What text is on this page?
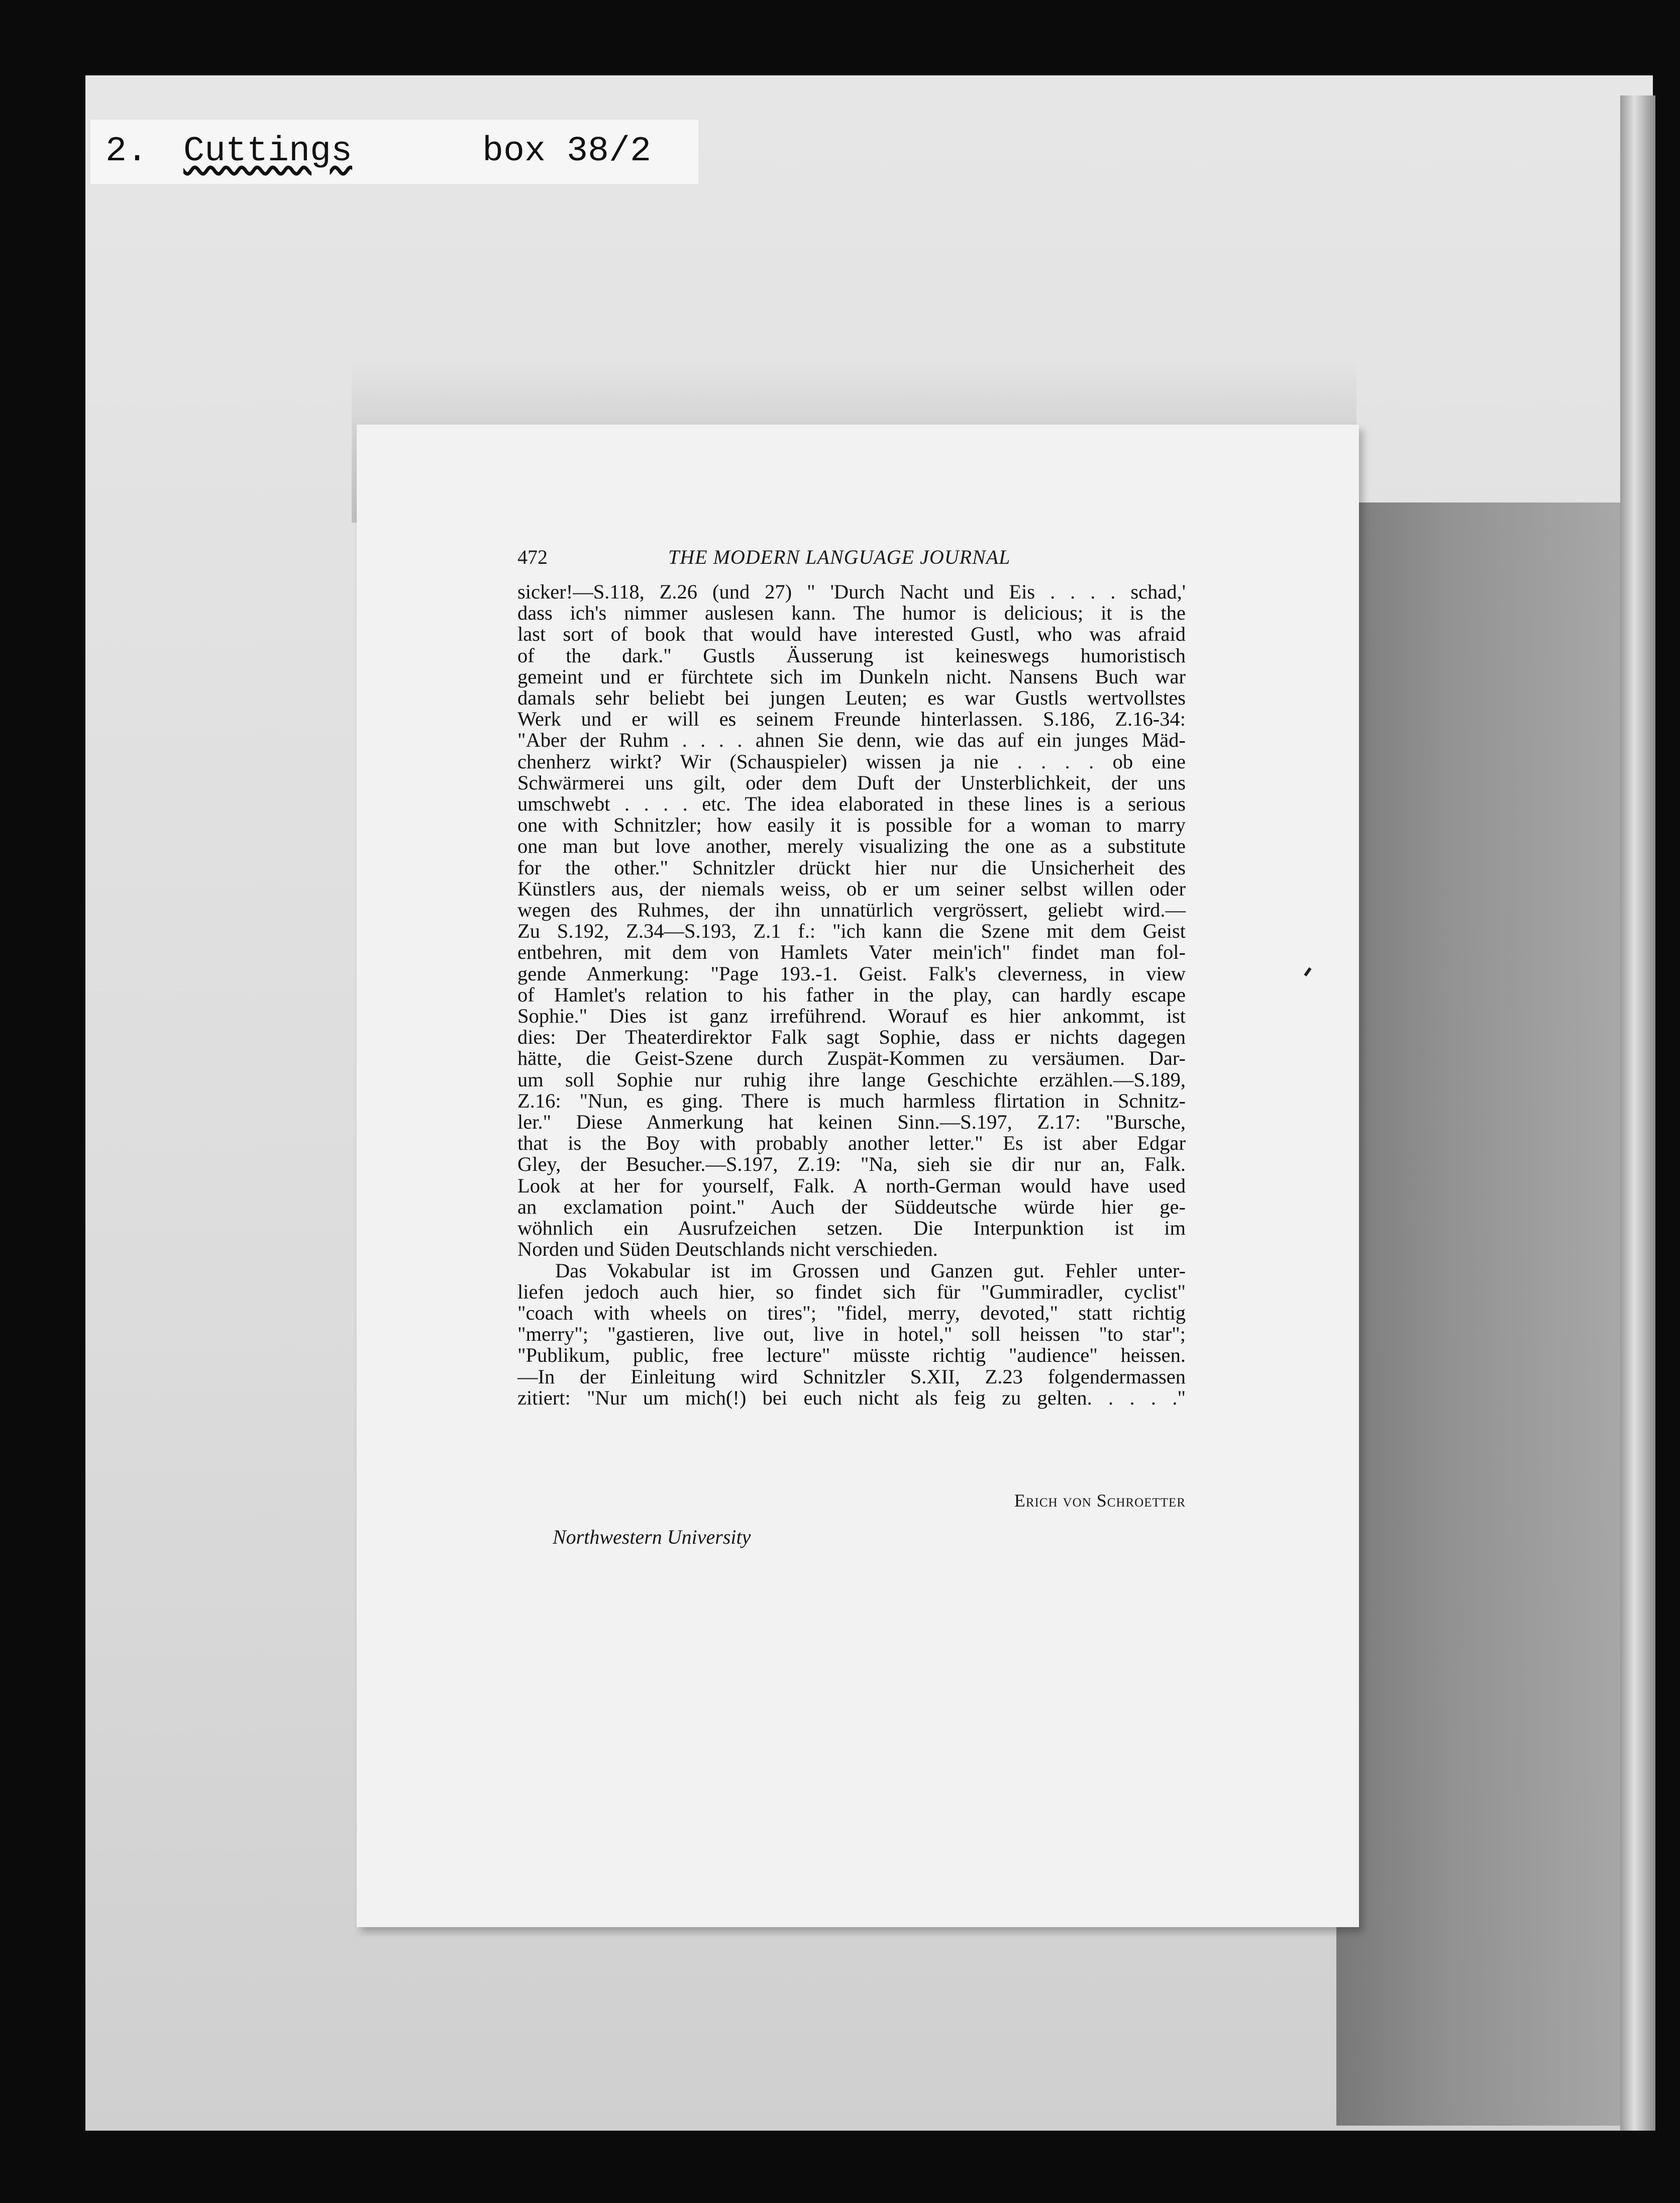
2. Cuttings	box 38/2
472	THE MODERN LANGUAGE JOURNAL
sicker!—S.118, Z.26 (und 27) " 'Durch Nacht und Eis . . . . schad,'
dass ich's nimmer auslesen kann. The humor is delicious; it is the
last sort of book that would have interested Gustl, who was afraid
of the dark." Gustls Äusserung ist keineswegs humoristisch
gemeint und er fürchtete sich im Dunkeln nicht. Nansens Buch war
damals sehr beliebt bei jungen Leuten; es war Gustls wertvollstes
Werk und er will es seinem Freunde hinterlassen. S.186, Z.16-34:
"Aber der Ruhm . . . . ahnen Sie denn, wie das auf ein junges Mäd-
chenherz wirkt? Wir (Schauspieler) wissen ja nie . . . . ob eine
Schwärmerei uns gilt, oder dem Duft der Unsterblichkeit, der uns
umschwebt . . . . etc. The idea elaborated in these lines is a serious
one with Schnitzler; how easily it is possible for a woman to marry
one man but love another, merely visualizing the one as a substitute
for the other." Schnitzler drückt hier nur die Unsicherheit des
Künstlers aus, der niemals weiss, ob er um seiner selbst willen oder
wegen des Ruhmes, der ihn unnatürlich vergrössert, geliebt wird.—
Zu S.192, Z.34—S.193, Z.1 f.: "ich kann die Szene mit dem Geist
entbehren, mit dem von Hamlets Vater mein'ich" findet man fol-
gende Anmerkung: "Page 193.-1. Geist. Falk's cleverness, in view
of Hamlet's relation to his father in the play, can hardly escape
Sophie." Dies ist ganz irreführend. Worauf es hier ankommt, ist
dies: Der Theaterdirektor Falk sagt Sophie, dass er nichts dagegen
hätte, die Geist-Szene durch Zuspät-Kommen zu versäumen. Dar-
um soll Sophie nur ruhig ihre lange Geschichte erzählen.—S.189,
Z.16: "Nun, es ging. There is much harmless flirtation in Schnitz-
ler." Diese Anmerkung hat keinen Sinn.—S.197, Z.17: "Bursche,
that is the Boy with probably another letter." Es ist aber Edgar
Gley, der Besucher.—S.197, Z.19: "Na, sieh sie dir nur an, Falk.
Look at her for yourself, Falk. A north-German would have used
an exclamation point." Auch der Süddeutsche würde hier ge-
wöhnlich ein Ausrufzeichen setzen. Die Interpunktion ist im
Norden und Süden Deutschlands nicht verschieden.
Das Vokabular ist im Grossen und Ganzen gut. Fehler unter-
liefen jedoch auch hier, so findet sich für "Gummiradler, cyclist"
"coach with wheels on tires"; "fidel, merry, devoted," statt richtig
"merry"; "gastieren, live out, live in hotel," soll heissen "to star";
"Publikum, public, free lecture" müsste richtig "audience" heissen.
—In der Einleitung wird Schnitzler S.XII, Z.23 folgendermassen
zitiert: "Nur um mich(!) bei euch nicht als feig zu gelten. . . . ."
Erich von Schroetter
Northwestern University
